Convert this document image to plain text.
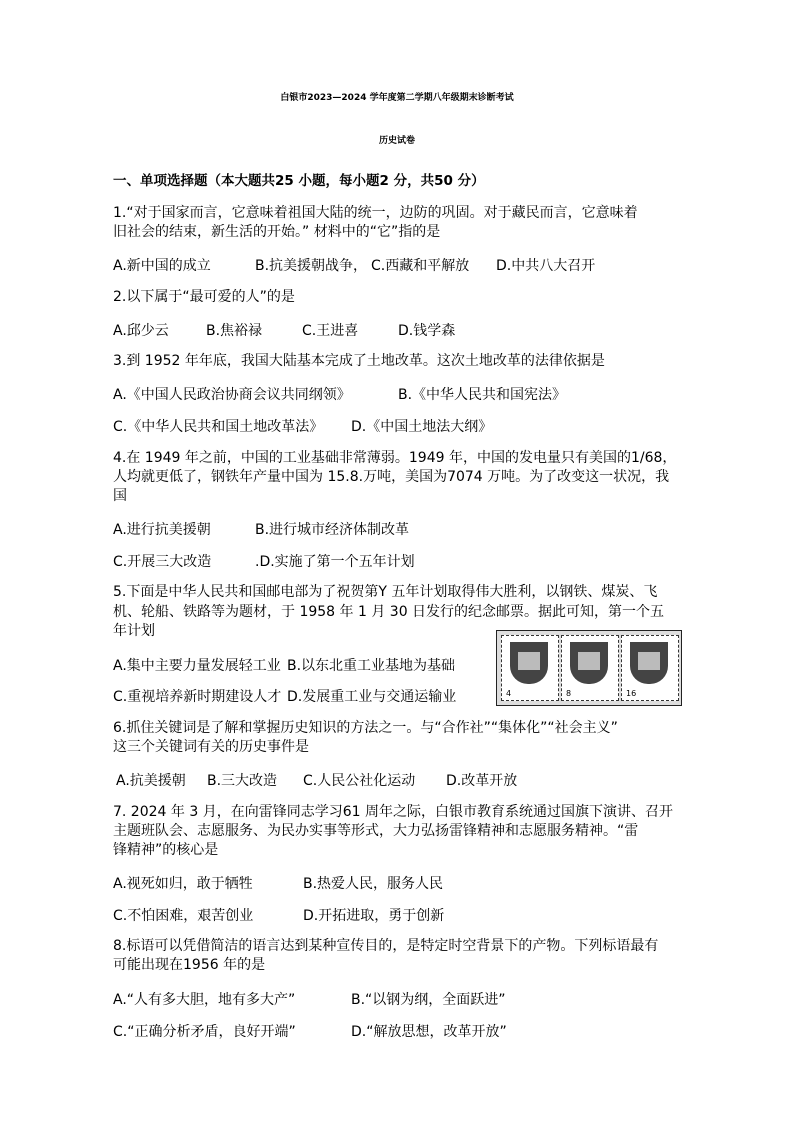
白银市2023—2024 学年度第二学期八年级期末诊断考试
历史试卷
一、单项选择题（本大题共25 小题，每小题2 分，共50 分）
1.“对于国家而言，它意味着祖国大陆的统一，边防的巩固。对于藏民而言，它意味着
旧社会的结束，新生活的开始。” 材料中的“它”指的是
A.新中国的成立	B.抗美援朝战争， C.西藏和平解放 D.中共八大召开
2.以下属于“最可爱的人”的是
A.邱少云	B.焦裕禄	C.王进喜	D.钱学森
3.到 1952 年年底，我国大陆基本完成了土地改革。这次土地改革的法律依据是
A.《中国人民政治协商会议共同纲领》	B.《中华人民共和国宪法》
C.《中华人民共和国土地改革法》 D.《中国土地法大纲》
4.在 1949 年之前，中国的工业基础非常薄弱。1949 年，中国的发电量只有美国的1/68，
人均就更低了，钢铁年产量中国为 15.8.万吨，美国为7074 万吨。为了改变这一状况，我
国
A.进行抗美援朝	B.进行城市经济体制改革
C.开展三大改造	.D.实施了第一个五年计划
5.下面是中华人民共和国邮电部为了祝贺第Y 五年计划取得伟大胜利，以钢铁、煤炭、飞
机、轮船、铁路等为题材，于 1958 年 1 月 30 日发行的纪念邮票。据此可知，第一个五
年计划
A.集中主要力量发展轻工业 B.以东北重工业基地为基础
C.重视培养新时期建设人才 D.发展重工业与交通运输业	4	8	16
6.抓住关键词是了解和掌握历史知识的方法之一。与“合作社”“集体化”“社会主义”
这三个关键词有关的历史事件是
A.抗美援朝 B.三大改造 C.人民公社化运动 D.改革开放
7. 2024 年 3 月，在向雷锋同志学习61 周年之际，白银市教育系统通过国旗下演讲、召开
主题班队会、志愿服务、为民办实事等形式，大力弘扬雷锋精神和志愿服务精神。“雷
锋精神”的核心是
A.视死如归，敢于牺牲	B.热爱人民，服务人民
C.不怕困难，艰苦创业	D.开拓进取，勇于创新
8.标语可以凭借简洁的语言达到某种宣传目的，是特定时空背景下的产物。下列标语最有
可能出现在1956 年的是
A.“人有多大胆，地有多大产”	B.“以钢为纲，全面跃进”
C.“正确分析矛盾，良好开端”	D.“解放思想，改革开放”
